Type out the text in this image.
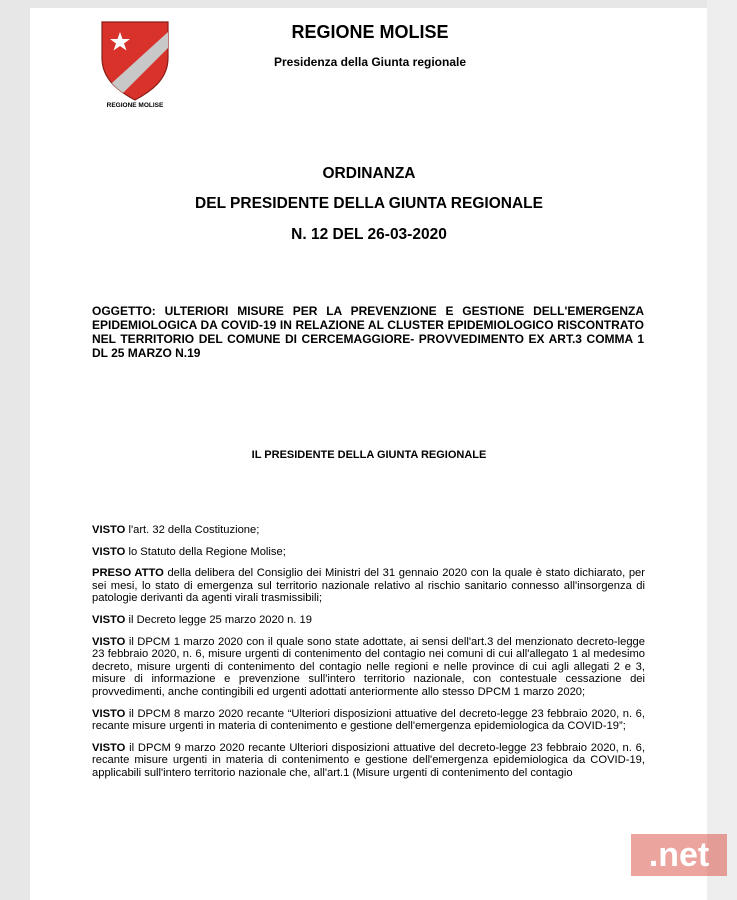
REGIONE MOLISE
REGIONE MOLISE
Presidenza della Giunta regionale
ORDINANZA
DEL PRESIDENTE DELLA GIUNTA REGIONALE
N. 12 DEL 26-03-2020
OGGETTO: ULTERIORI MISURE PER LA PREVENZIONE E GESTIONE DELL'EMERGENZA EPIDEMIOLOGICA DA COVID-19 IN RELAZIONE AL CLUSTER EPIDEMIOLOGICO RISCONTRATO NEL TERRITORIO DEL COMUNE DI CERCEMAGGIORE- PROVVEDIMENTO EX ART.3 COMMA 1 DL 25 MARZO N.19
IL PRESIDENTE DELLA GIUNTA REGIONALE

VISTO l'art. 32 della Costituzione;

VISTO lo Statuto della Regione Molise;

PRESO ATTO della delibera del Consiglio dei Ministri del 31 gennaio 2020 con la quale è stato dichiarato, per sei mesi, lo stato di emergenza sul territorio nazionale relativo al rischio sanitario connesso all'insorgenza di patologie derivanti da agenti virali trasmissibili;

VISTO il Decreto legge 25 marzo 2020 n. 19

VISTO il DPCM 1 marzo 2020 con il quale sono state adottate, ai sensi dell'art.3 del menzionato decreto-legge 23 febbraio 2020, n. 6, misure urgenti di contenimento del contagio nei comuni di cui all'allegato 1 al medesimo decreto, misure urgenti di contenimento del contagio nelle regioni e nelle province di cui agli allegati 2 e 3, misure di informazione e prevenzione sull'intero territorio nazionale, con contestuale cessazione dei provvedimenti, anche contingibili ed urgenti adottati anteriormente allo stesso DPCM 1 marzo 2020;

VISTO il DPCM 8 marzo 2020 recante “Ulteriori disposizioni attuative del decreto-legge 23 febbraio 2020, n. 6, recante misure urgenti in materia di contenimento e gestione dell'emergenza epidemiologica da COVID-19”;

VISTO il DPCM 9 marzo 2020 recante Ulteriori disposizioni attuative del decreto-legge 23 febbraio 2020, n. 6, recante misure urgenti in materia di contenimento e gestione dell'emergenza epidemiologica da COVID-19, applicabili sull'intero territorio nazionale che, all'art.1 (Misure urgenti di contenimento del contagio

.net
